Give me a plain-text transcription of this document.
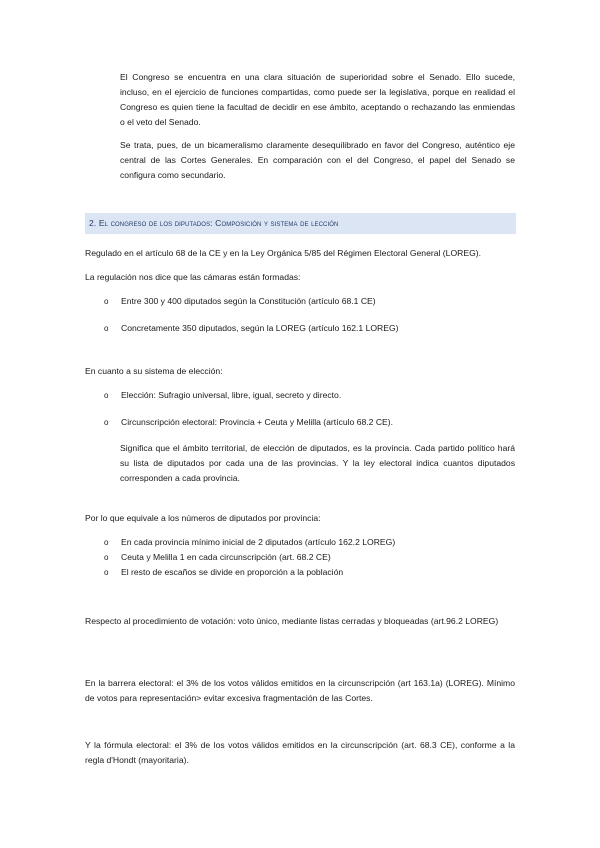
El Congreso se encuentra en una clara situación de superioridad sobre el Senado. Ello sucede, incluso, en el ejercicio de funciones compartidas, como puede ser la legislativa, porque en realidad el Congreso es quien tiene la facultad de decidir en ese ámbito, aceptando o rechazando las enmiendas o el veto del Senado.

Se trata, pues, de un bicameralismo claramente desequilibrado en favor del Congreso, auténtico eje central de las Cortes Generales. En comparación con el del Congreso, el papel del Senado se configura como secundario.

2. El congreso de los diputados: Composición y sistema de lección

Regulado en el artículo 68 de la CE y en la Ley Orgánica 5/85 del Régimen Electoral General (LOREG).

La regulación nos dice que las cámaras están formadas:

o Entre 300 y 400 diputados según la Constitución (artículo 68.1 CE)
o Concretamente 350 diputados, según la LOREG (artículo 162.1 LOREG)

En cuanto a su sistema de elección:

o Elección: Sufragio universal, libre, igual, secreto y directo.
o Circunscripción electoral: Provincia + Ceuta y Melilla (artículo 68.2 CE).

Significa que el ámbito territorial, de elección de diputados, es la provincia. Cada partido político hará su lista de diputados por cada una de las provincias. Y la ley electoral indica cuantos diputados corresponden a cada provincia.

Por lo que equivale a los números de diputados por provincia:

o En cada provincia mínimo inicial de 2 diputados (artículo 162.2 LOREG)
o Ceuta y Melilla 1 en cada circunscripción (art. 68.2 CE)
o El resto de escaños se divide en proporción a la población

Respecto al procedimiento de votación: voto único, mediante listas cerradas y bloqueadas (art.96.2 LOREG)

En la barrera electoral: el 3% de los votos válidos emitidos en la circunscripción (art 163.1a) (LOREG). Mínimo de votos para representación> evitar excesiva fragmentación de las Cortes.

Y la fórmula electoral: el 3% de los votos válidos emitidos en la circunscripción (art. 68.3 CE), conforme a la regla d'Hondt (mayoritaria).
